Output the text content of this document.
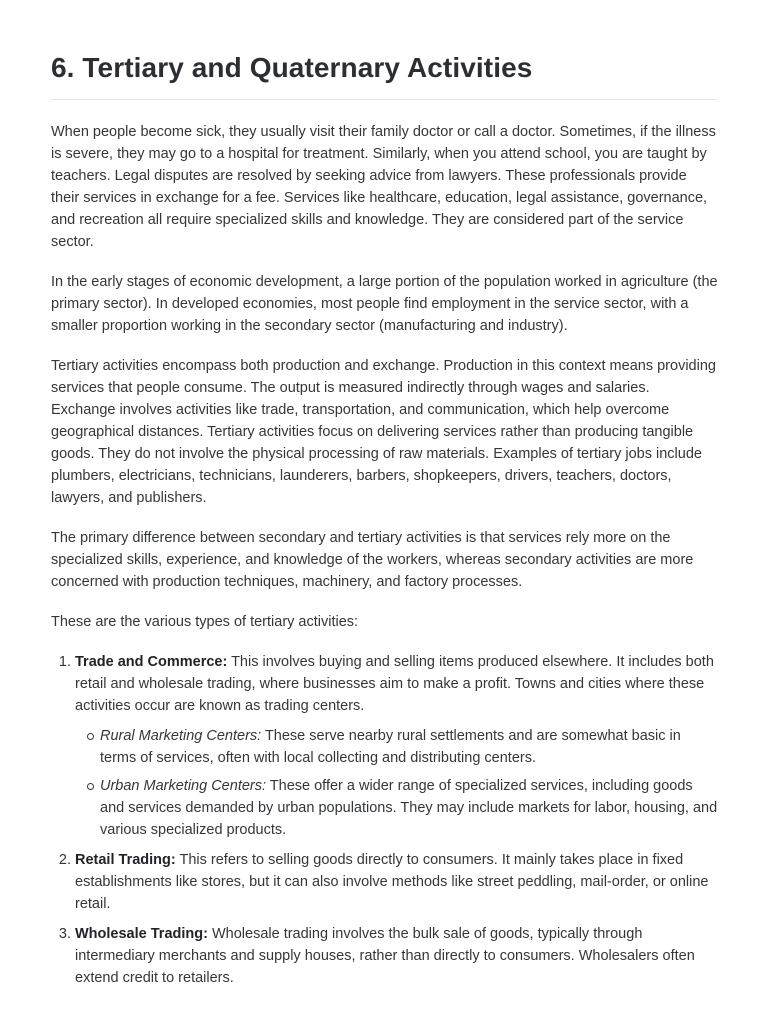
6. Tertiary and Quaternary Activities

When people become sick, they usually visit their family doctor or call a doctor. Sometimes, if the illness is severe, they may go to a hospital for treatment. Similarly, when you attend school, you are taught by teachers. Legal disputes are resolved by seeking advice from lawyers. These professionals provide their services in exchange for a fee. Services like healthcare, education, legal assistance, governance, and recreation all require specialized skills and knowledge. They are considered part of the service sector.

In the early stages of economic development, a large portion of the population worked in agriculture (the primary sector). In developed economies, most people find employment in the service sector, with a smaller proportion working in the secondary sector (manufacturing and industry).

Tertiary activities encompass both production and exchange. Production in this context means providing services that people consume. The output is measured indirectly through wages and salaries. Exchange involves activities like trade, transportation, and communication, which help overcome geographical distances. Tertiary activities focus on delivering services rather than producing tangible goods. They do not involve the physical processing of raw materials. Examples of tertiary jobs include plumbers, electricians, technicians, launderers, barbers, shopkeepers, drivers, teachers, doctors, lawyers, and publishers.

The primary difference between secondary and tertiary activities is that services rely more on the specialized skills, experience, and knowledge of the workers, whereas secondary activities are more concerned with production techniques, machinery, and factory processes.

These are the various types of tertiary activities:

1. Trade and Commerce: This involves buying and selling items produced elsewhere. It includes both retail and wholesale trading, where businesses aim to make a profit. Towns and cities where these activities occur are known as trading centers.
Rural Marketing Centers: These serve nearby rural settlements and are somewhat basic in terms of services, often with local collecting and distributing centers.
Urban Marketing Centers: These offer a wider range of specialized services, including goods and services demanded by urban populations. They may include markets for labor, housing, and various specialized products.
2. Retail Trading: This refers to selling goods directly to consumers. It mainly takes place in fixed establishments like stores, but it can also involve methods like street peddling, mail-order, or online retail.
3. Wholesale Trading: Wholesale trading involves the bulk sale of goods, typically through intermediary merchants and supply houses, rather than directly to consumers. Wholesalers often extend credit to retailers.
